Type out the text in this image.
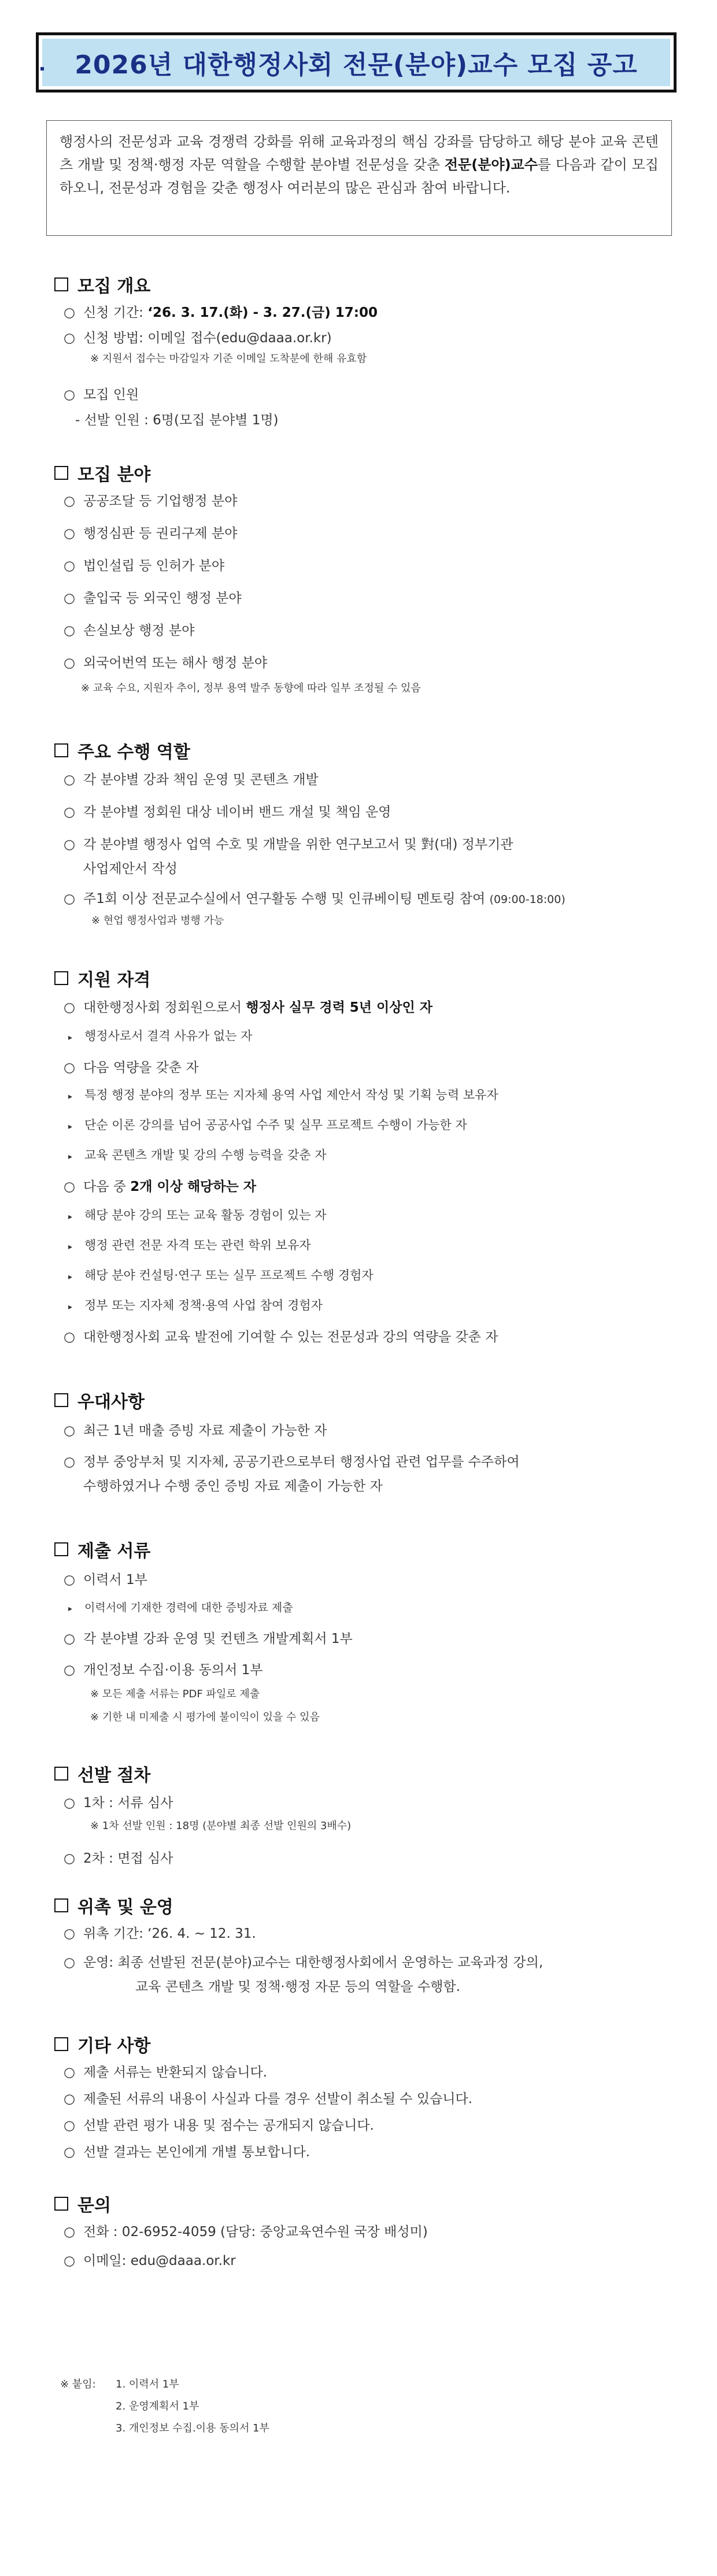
2026년 대한행정사회 전문(분야)교수 모집 공고
행정사의 전문성과 교육 경쟁력 강화를 위해 교육과정의 핵심 강좌를 담당하고 해당 분야 교육 콘텐츠 개발 및 정책·행정 자문 역할을 수행할 분야별 전문성을 갖춘 전문(분야)교수를 다음과 같이 모집하오니, 전문성과 경험을 갖춘 행정사 여러분의 많은 관심과 참여 바랍니다.
모집 개요
○ 신청 기간: ‘26. 3. 17.(화) - 3. 27.(금) 17:00
○ 신청 방법: 이메일 접수(edu@daaa.or.kr)
※ 지원서 접수는 마감일자 기준 이메일 도착분에 한해 유효함
○ 모집 인원
- 선발 인원 : 6명(모집 분야별 1명)
모집 분야
○ 공공조달 등 기업행정 분야
○ 행정심판 등 권리구제 분야
○ 법인설립 등 인허가 분야
○ 출입국 등 외국인 행정 분야
○ 손실보상 행정 분야
○ 외국어번역 또는 해사 행정 분야
※ 교육 수요, 지원자 추이, 정부 용역 발주 동향에 따라 일부 조정될 수 있음
주요 수행 역할
○ 각 분야별 강좌 책임 운영 및 콘텐츠 개발
○ 각 분야별 정회원 대상 네이버 밴드 개설 및 책임 운영
○ 각 분야별 행정사 업역 수호 및 개발을 위한 연구보고서 및 對(대) 정부기관
사업제안서 작성
○ 주1회 이상 전문교수실에서 연구활동 수행 및 인큐베이팅 멘토링 참여 (09:00-18:00)
※ 현업 행정사업과 병행 가능
지원 자격
○ 대한행정사회 정회원으로서 행정사 실무 경력 5년 이상인 자
▸ 행정사로서 결격 사유가 없는 자
○ 다음 역량을 갖춘 자
▸ 특정 행정 분야의 정부 또는 지자체 용역 사업 제안서 작성 및 기획 능력 보유자
▸ 단순 이론 강의를 넘어 공공사업 수주 및 실무 프로젝트 수행이 가능한 자
▸ 교육 콘텐츠 개발 및 강의 수행 능력을 갖춘 자
○ 다음 중 2개 이상 해당하는 자
▸ 해당 분야 강의 또는 교육 활동 경험이 있는 자
▸ 행정 관련 전문 자격 또는 관련 학위 보유자
▸ 해당 분야 컨설팅·연구 또는 실무 프로젝트 수행 경험자
▸ 정부 또는 지자체 정책·용역 사업 참여 경험자
○ 대한행정사회 교육 발전에 기여할 수 있는 전문성과 강의 역량을 갖춘 자
우대사항
○ 최근 1년 매출 증빙 자료 제출이 가능한 자
○ 정부 중앙부처 및 지자체, 공공기관으로부터 행정사업 관련 업무를 수주하여
수행하였거나 수행 중인 증빙 자료 제출이 가능한 자
제출 서류
○ 이력서 1부
▸ 이력서에 기재한 경력에 대한 증빙자료 제출
○ 각 분야별 강좌 운영 및 컨텐츠 개발계획서 1부
○ 개인정보 수집·이용 동의서 1부
※ 모든 제출 서류는 PDF 파일로 제출
※ 기한 내 미제출 시 평가에 불이익이 있을 수 있음
선발 절차
○ 1차 : 서류 심사
※ 1차 선발 인원 : 18명 (분야별 최종 선발 인원의 3배수)
○ 2차 : 면접 심사
위촉 및 운영
○ 위촉 기간: ‘26. 4. ~ 12. 31.
○ 운영: 최종 선발된 전문(분야)교수는 대한행정사회에서 운영하는 교육과정 강의,
교육 콘텐츠 개발 및 정책·행정 자문 등의 역할을 수행함.
기타 사항
○ 제출 서류는 반환되지 않습니다.
○ 제출된 서류의 내용이 사실과 다를 경우 선발이 취소될 수 있습니다.
○ 선발 관련 평가 내용 및 점수는 공개되지 않습니다.
○ 선발 결과는 본인에게 개별 통보합니다.
문의
○ 전화 : 02-6952-4059 (담당: 중앙교육연수원 국장 배성미)
○ 이메일: edu@daaa.or.kr
※ 붙임: 1. 이력서 1부
2. 운영계획서 1부
3. 개인정보 수집.이용 동의서 1부
